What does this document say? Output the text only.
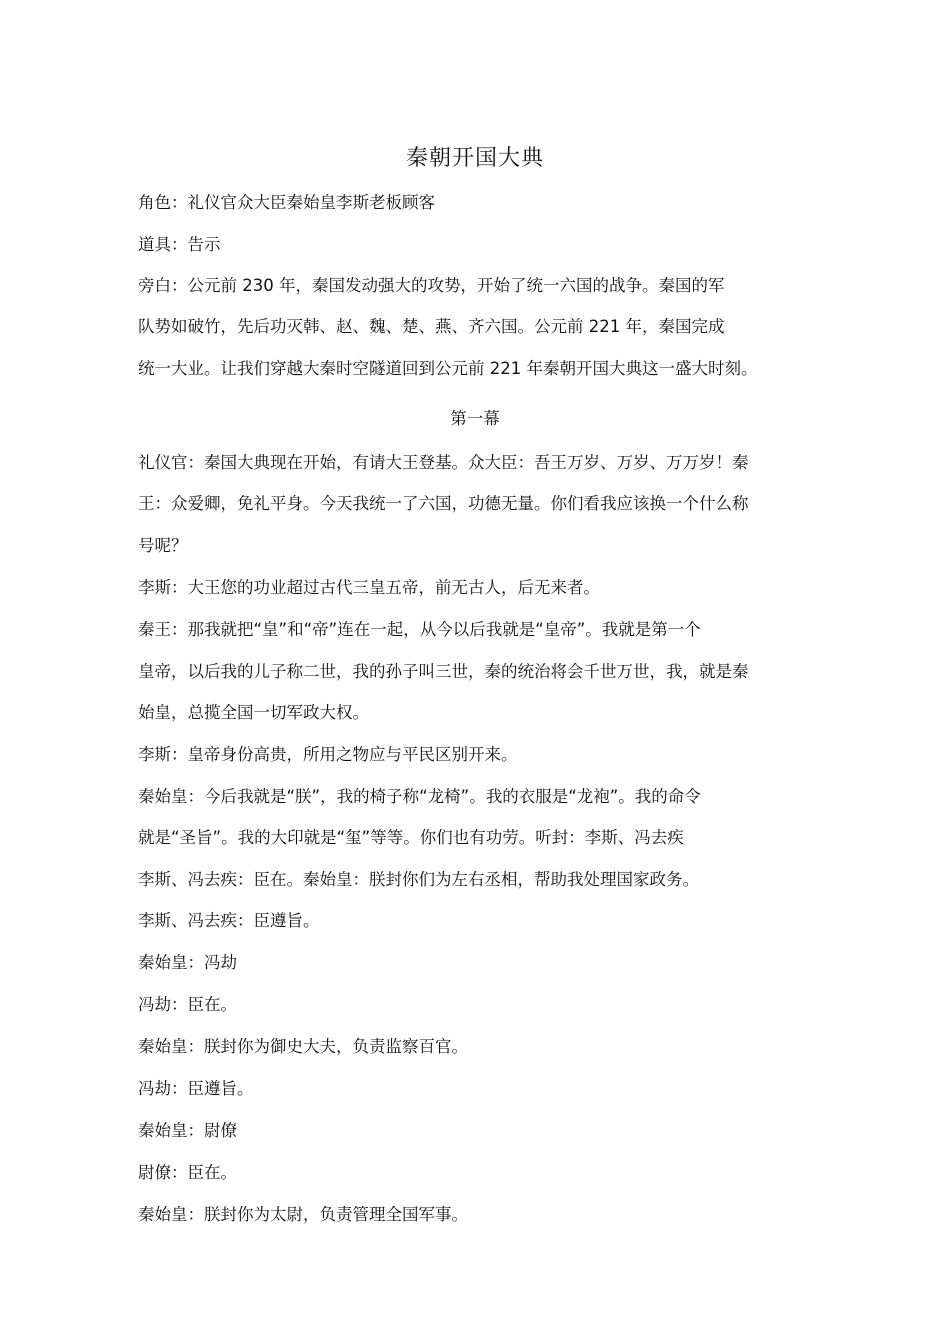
秦朝开国大典
角色：礼仪官众大臣秦始皇李斯老板顾客
道具：告示
旁白：公元前 230 年，秦国发动强大的攻势，开始了统一六国的战争。秦国的军
队势如破竹，先后功灭韩、赵、魏、楚、燕、齐六国。公元前 221 年，秦国完成
统一大业。让我们穿越大秦时空隧道回到公元前 221 年秦朝开国大典这一盛大时刻。
第一幕
礼仪官：秦国大典现在开始，有请大王登基。众大臣：吾王万岁、万岁、万万岁！秦
王：众爱卿，免礼平身。今天我统一了六国，功德无量。你们看我应该换一个什么称
号呢？
李斯：大王您的功业超过古代三皇五帝，前无古人，后无来者。
秦王：那我就把“皇”和“帝”连在一起，从今以后我就是“皇帝”。我就是第一个
皇帝，以后我的儿子称二世，我的孙子叫三世，秦的统治将会千世万世，我，就是秦
始皇，总揽全国一切军政大权。
李斯：皇帝身份高贵，所用之物应与平民区别开来。
秦始皇：今后我就是“朕”，我的椅子称“龙椅”。我的衣服是“龙袍”。我的命令
就是“圣旨”。我的大印就是“玺”等等。你们也有功劳。听封：李斯、冯去疾
李斯、冯去疾：臣在。秦始皇：朕封你们为左右丞相，帮助我处理国家政务。
李斯、冯去疾：臣遵旨。
秦始皇：冯劫
冯劫：臣在。
秦始皇：朕封你为御史大夫，负责监察百官。
冯劫：臣遵旨。
秦始皇：尉僚
尉僚：臣在。
秦始皇：朕封你为太尉，负责管理全国军事。
